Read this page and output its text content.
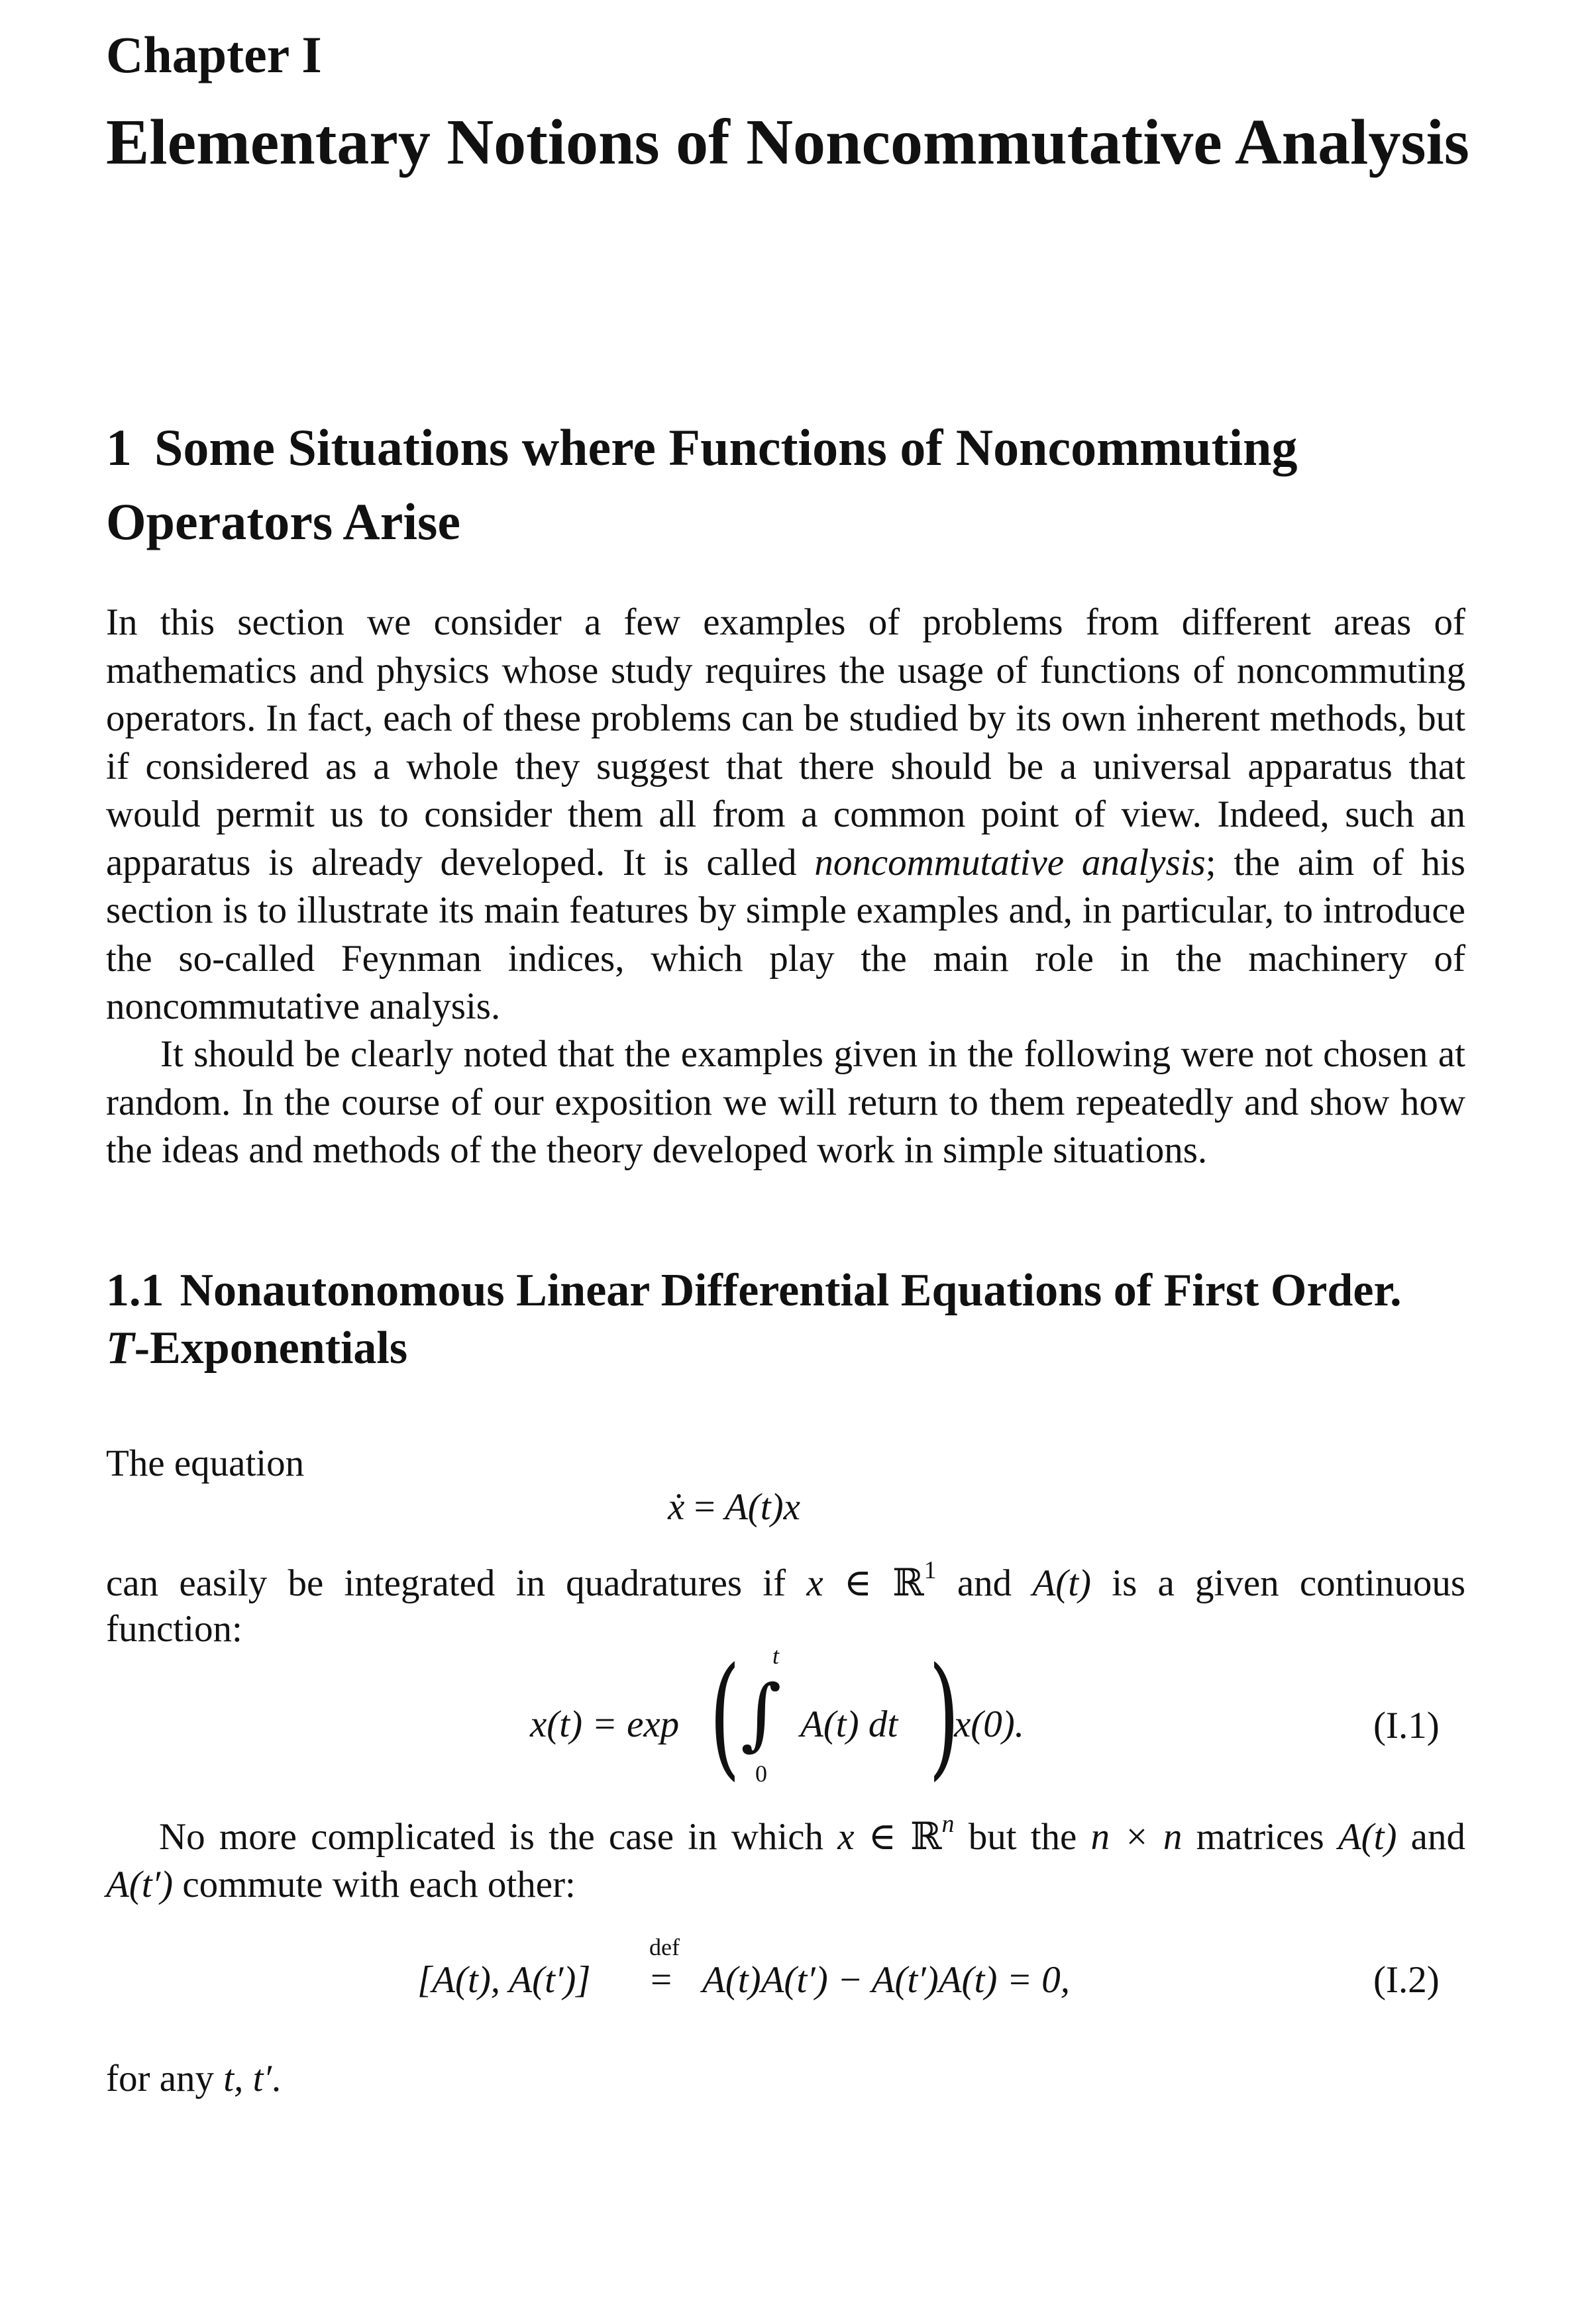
Chapter I
Elementary Notions of Noncommutative Analysis
1 Some Situations where Functions of Noncommuting
Operators Arise
In this section we consider a few examples of problems from different areas of mathematics and physics whose study requires the usage of functions of noncommuting operators. In fact, each of these problems can be studied by its own inherent methods, but if considered as a whole they suggest that there should be a universal apparatus that would permit us to consider them all from a common point of view. Indeed, such an apparatus is already developed. It is called noncommutative analysis; the aim of his section is to illustrate its main features by simple examples and, in particular, to introduce the so-called Feynman indices, which play the main role in the machinery of noncommutative analysis.
It should be clearly noted that the examples given in the following were not chosen at random. In the course of our exposition we will return to them repeatedly and show how the ideas and methods of the theory developed work in simple situations.
1.1 Nonautonomous Linear Differential Equations of First Order.
T-Exponentials
The equation
ẋ = A(t)x
can easily be integrated in quadratures if x ∈ ℝ$^1$ and A(t) is a given continuous
function:
x(t) = exp ( t
∫
0
A(t) dt )
x(0).	(I.1)
No more complicated is the case in which x ∈ ℝ$^n$ but the n × n matrices A(t) and
A(t′) commute with each other:
[A(t), A(t′)]
def
= A(t)A(t′) − A(t′)A(t) = 0,	(I.2)
for any t, t′.
